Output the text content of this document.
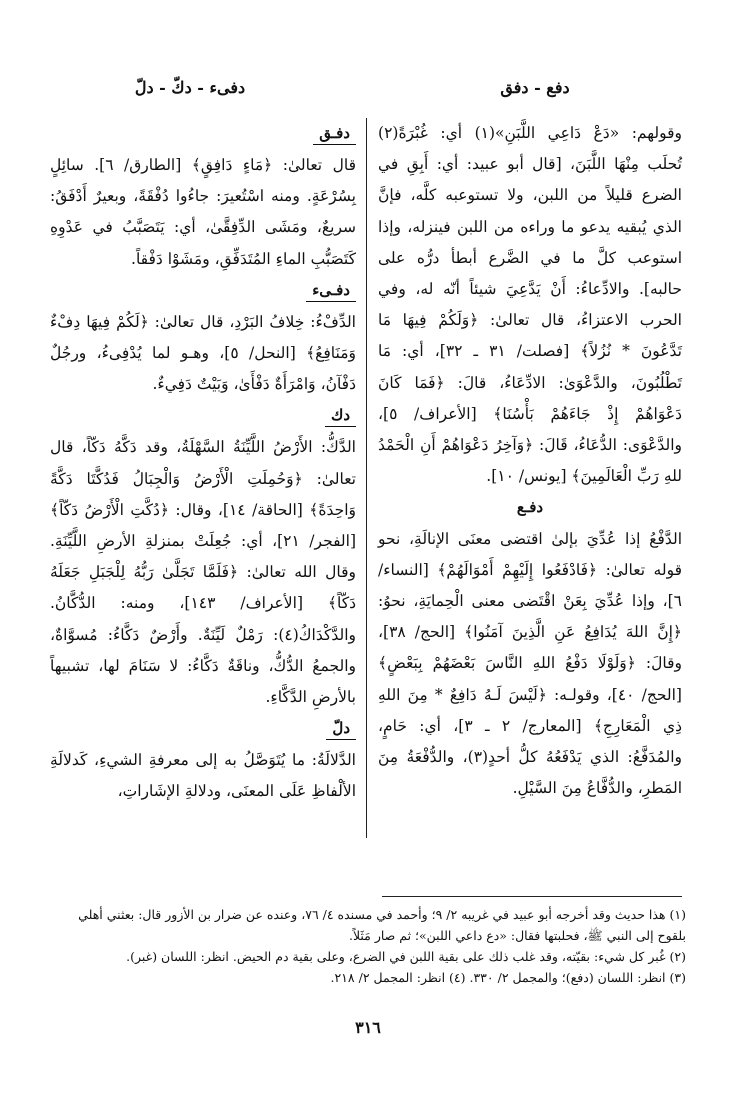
دفع - دفق
دفىء - دكّ - دلّ

وقولهم: «دَعْ دَاعِي اللَّبَنِ»(١) أي: غُبْرَةً(٢) تُحلَب مِنْهَا اللَّبَنَ، [قال أبو عبيد: أي: أَبِقِ في الضرع قليلاً من اللبن، ولا تستوعبه كلَّه، فإنَّ الذي يُبقيه يدعو ما وراءه من اللبن فينزله، وإذا استوعب كلَّ ما في الضَّرع أبطأ درُّه على حالبه]. والادِّعاءُ: أَنْ يَدَّعِيَ شيئاً أنّه له، وفي الحرب الاعتزاءُ، قال تعالىٰ: ﴿وَلَكُمْ فِيهَا مَا تَدَّعُونَ * نُزُلاً﴾ [فصلت/ ٣١ ـ ٣٢]، أي: مَا تَطْلُبُونَ، والدَّعْوَىٰ: الادِّعَاءُ، قالَ: ﴿فَمَا كَانَ دَعْوَاهُمْ إِذْ جَاءَهُمْ بَأْسُنَا﴾ [الأعراف/ ٥]، والدَّعْوَى: الدُّعَاءُ، قَالَ: ﴿وَآخِرُ دَعْوَاهُمْ أَنِ الْحَمْدُ للهِ رَبِّ الْعَالَمِينَ﴾ [يونس/ ١٠].

دفـع

الدَّفْعُ إذا عُدِّيَ بإلىٰ اقتضى معنَى الإنالَةِ، نحو قوله تعالىٰ: ﴿فَادْفَعُوا إِلَيْهِمْ أَمْوَالَهُمْ﴾ [النساء/ ٦]، وإذا عُدِّيَ بِعَنْ اقْتَضى معنى الْحِمايَةِ، نحوُ: ﴿إِنَّ اللهَ يُدَافِعُ عَنِ الَّذِينَ آمَنُوا﴾ [الحج/ ٣٨]، وقالَ: ﴿وَلَوْلَا دَفْعُ اللهِ النَّاسَ بَعْضَهُمْ بِبَعْضٍ﴾ [الحج/ ٤٠]، وقولـه: ﴿لَيْسَ لَـهُ دَافِعٌ * مِنَ اللهِ ذِي الْمَعَارِجِ﴾ [المعارج/ ٢ ـ ٣]، أي: حَامٍ، والمُدَفَّعُ: الذي يَدْفَعُهُ كلُّ أحدٍ(٣)، والدُّفْعَةُ مِنَ المَطرِ، والدُّفَّاعُ مِنَ السَّيْلِ.

دفـق

قال تعالىٰ: ﴿مَاءٍ دَافِقٍ﴾ [الطارق/ ٦]. سائِلٍ بِسُرْعَةٍ. ومنه اسْتُعيرَ: جاءُوا دُفْقَةً، وبعيرٌ أَدْفَقُ: سريعٌ، ومَشَى الدِّفِقَّىٰ، أي: يَتَصَبَّبُ في عَدْوِهِ كَتَصَبُّبِ الماءِ المُتَدَفِّقِ، ومَشَوْا دَفْقاً.

دفـىء

الدِّفْءُ: خِلافُ البَرْدِ، قال تعالىٰ: ﴿لَكُمْ فِيهَا دِفْءٌ وَمَنَافِعُ﴾ [النحل/ ٥]، وهـو لما يُدْفِىءُ، ورجُلٌ دَفْآنُ، وَامْرَأَةٌ دَفْأَىٰ، وَبَيْتٌ دَفِيءٌ.

دك

الدَّكُّ: الأَرْضُ اللَّيِّنَةُ السَّهْلَةُ، وقد دَكَّهُ دَكّاً، قال تعالىٰ: ﴿وَحُمِلَتِ الْأَرْضُ وَالْجِبَالُ فَدُكَّتَا دَكَّةً وَاحِدَةً﴾ [الحاقة/ ١٤]، وقال: ﴿دُكَّتِ الْأَرْضُ دَكّاً﴾ [الفجر/ ٢١]، أي: جُعِلَتْ بمنزلةِ الأرضِ اللَّيِّنَةِ. وقال الله تعالىٰ: ﴿فَلَمَّا تَجَلَّىٰ رَبُّهُ لِلْجَبَلِ جَعَلَهُ دَكّاً﴾ [الأعراف/ ١٤٣]، ومنه: الدُّكَّانُ. والدَّكْدَاكُ(٤): رَمْلٌ لَيِّنَةٌ. وأَرْضٌ دَكَّاءُ: مُسوَّاةٌ، والجمعُ الدُّكُّ، وناقَةٌ دَكَّاءُ: لا سَنَامَ لها، تشبيهاً بالأرضِ الدَّكَّاءِ.

دلّ

الدَّلالَةُ: ما يُتَوَصَّلُ به إلى معرفةِ الشيءِ، كَدلالَةِ الألْفاظِ عَلَى المعنَى، ودلالةِ الإشَاراتِ،

(١) هذا حديث وقد أخرجه أبو عبيد في غريبه ٢/ ٩؛ وأحمد في مسنده ٤/ ٧٦، وعنده عن ضرار بن الأزور قال: بعثني أهلي بلقوح إلى النبي ﷺ، فحلبتها فقال: «دع داعي اللبن»؛ ثم صار مَثَلاً.

(٢) غُبر كل شيء: بقيّته، وقد غلب ذلك على بقية اللبن في الضرع، وعلى بقية دم الحيض. انظر: اللسان (غبر).

(٣) انظر: اللسان (دفع)؛ والمجمل ٢/ ٣٣٠. (٤) انظر: المجمل ٢/ ٢١٨.

٣١٦
